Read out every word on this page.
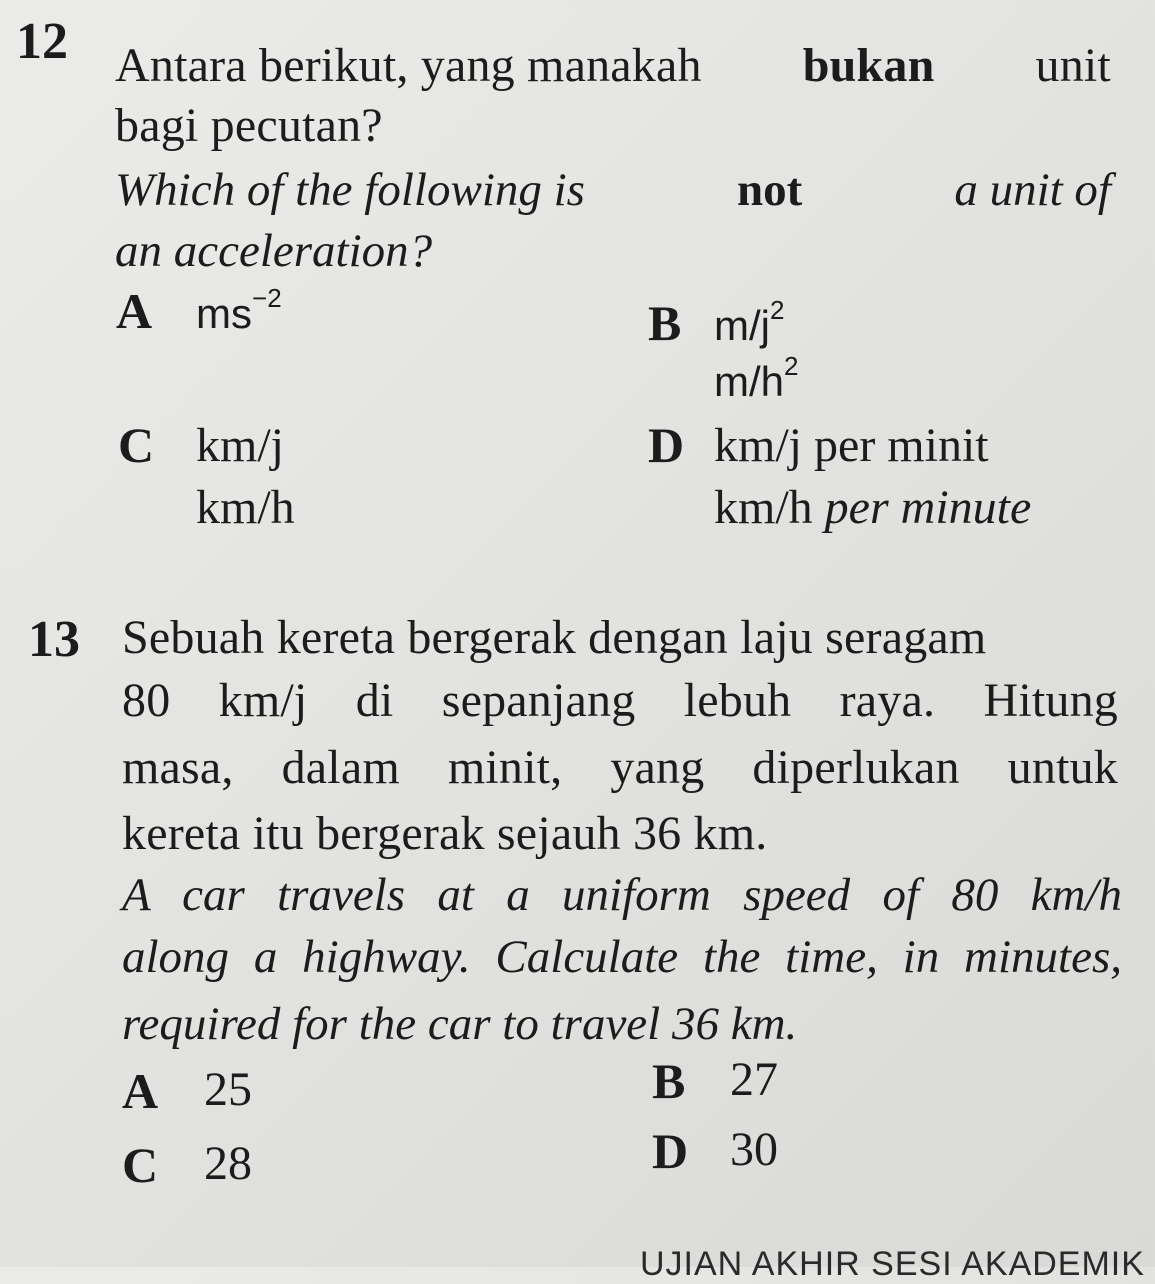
12 Antara berikut, yang manakah bukan unit
bagi pecutan?
Which of the following is	not	a unit of
an acceleration?
A $ms^{-2}$	B $m/j^2$
$m/h^2$
C km/j
km/h
D km/j per minit
km/h per minute
13 Sebuah kereta bergerak dengan laju seragam
80 km/j di sepanjang lebuh raya. Hitung
masa, dalam minit, yang diperlukan untuk
kereta itu bergerak sejauh 36 km.
A car travels at a uniform speed of 80 km/h
along a highway. Calculate the time, in minutes,
required for the car to travel 36 km.
A 25	B 27
C 28	D 30
UJIAN AKHIR SESI AKADEMIK
